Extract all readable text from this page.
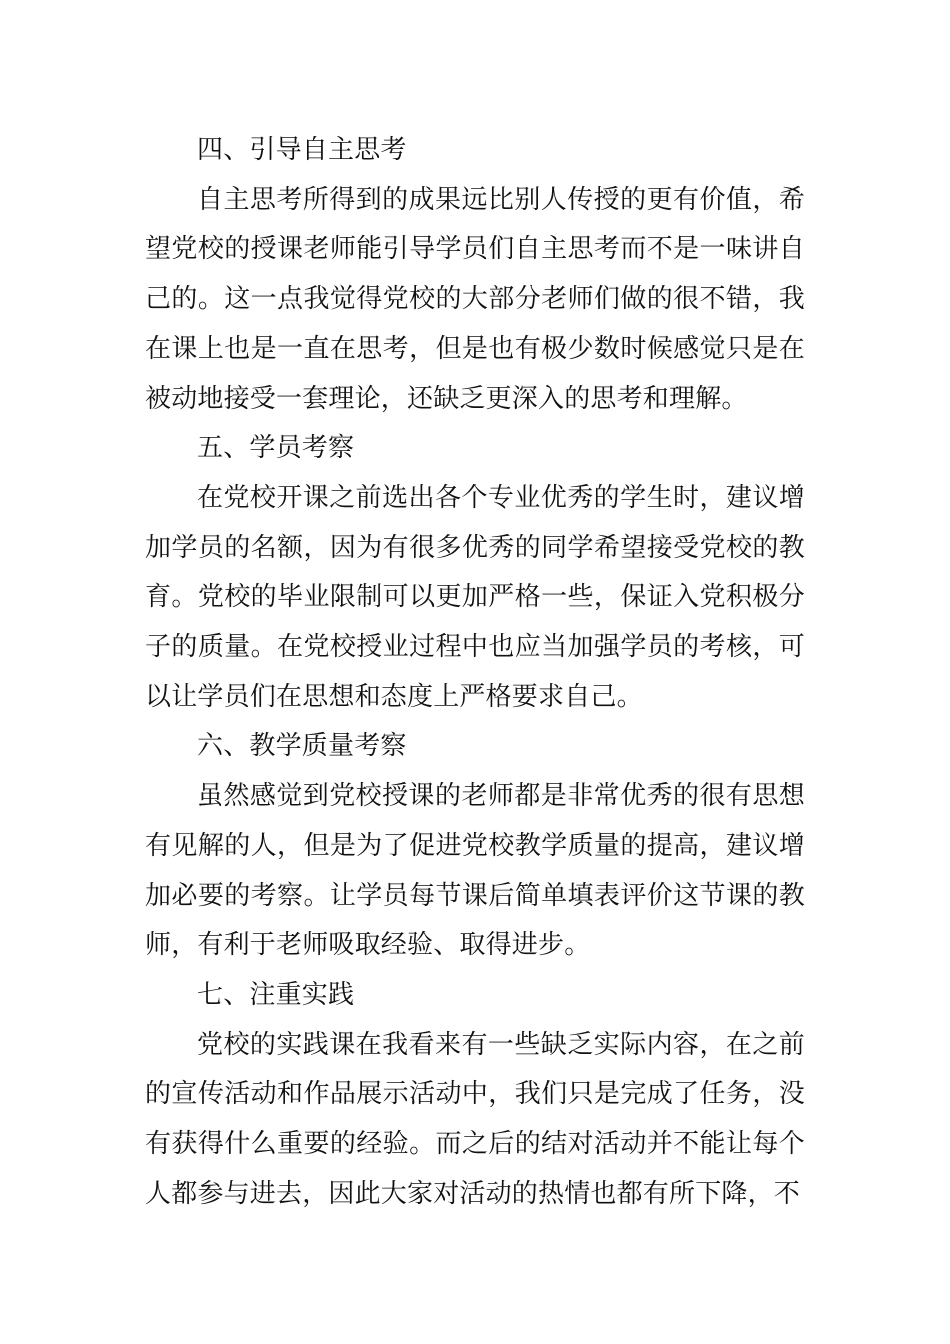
四、引导自主思考

自主思考所得到的成果远比别人传授的更有价值，希望党校的授课老师能引导学员们自主思考而不是一味讲自己的。这一点我觉得党校的大部分老师们做的很不错，我在课上也是一直在思考，但是也有极少数时候感觉只是在被动地接受一套理论，还缺乏更深入的思考和理解。

五、学员考察

在党校开课之前选出各个专业优秀的学生时，建议增加学员的名额，因为有很多优秀的同学希望接受党校的教育。党校的毕业限制可以更加严格一些，保证入党积极分子的质量。在党校授业过程中也应当加强学员的考核，可以让学员们在思想和态度上严格要求自己。

六、教学质量考察

虽然感觉到党校授课的老师都是非常优秀的很有思想有见解的人，但是为了促进党校教学质量的提高，建议增加必要的考察。让学员每节课后简单填表评价这节课的教师，有利于老师吸取经验、取得进步。

七、注重实践

党校的实践课在我看来有一些缺乏实际内容，在之前的宣传活动和作品展示活动中，我们只是完成了任务，没有获得什么重要的经验。而之后的结对活动并不能让每个人都参与进去，因此大家对活动的热情也都有所下降，不
